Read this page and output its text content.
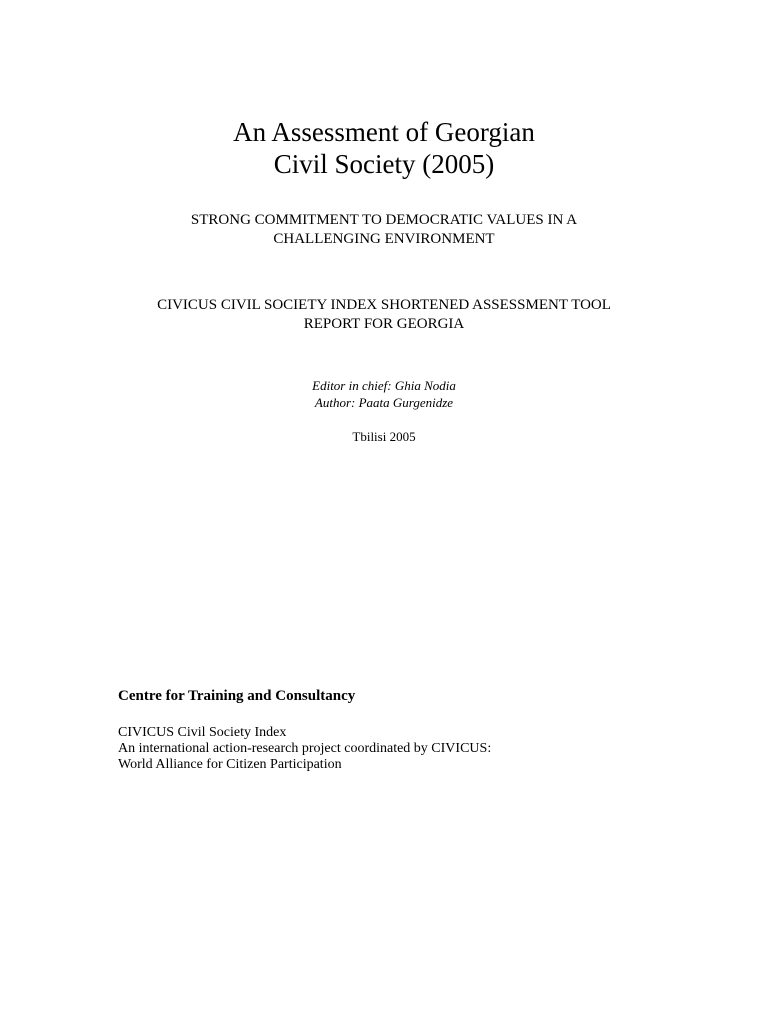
An Assessment of Georgian
Civil Society (2005)
STRONG COMMITMENT TO DEMOCRATIC VALUES IN A
CHALLENGING ENVIRONMENT
CIVICUS CIVIL SOCIETY INDEX SHORTENED ASSESSMENT TOOL
REPORT FOR GEORGIA
Editor in chief: Ghia Nodia
Author: Paata Gurgenidze
Tbilisi 2005
Centre for Training and Consultancy
CIVICUS Civil Society Index
An international action-research project coordinated by CIVICUS:
World Alliance for Citizen Participation
